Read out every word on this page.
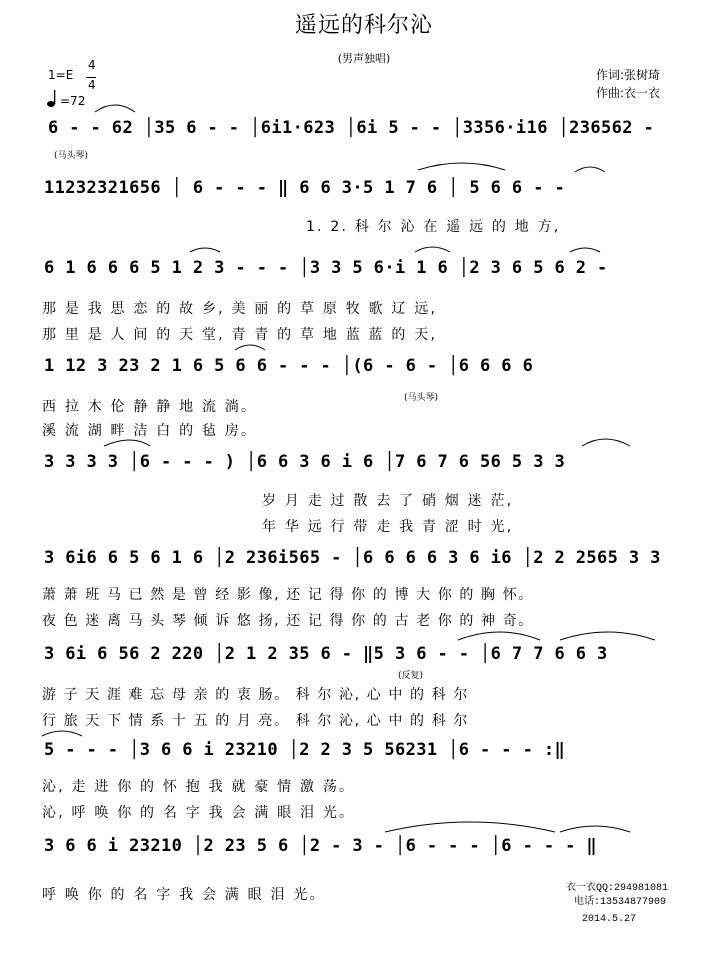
遥远的科尔沁
(男声独唱)
1=E
4
4
=72
作词:张树琦
作曲:衣一衣
6 - - 62 │35 6 - - │6i1·623 │6i 5 - - │3356·i16 │236562 -
(马头琴)
11232321656 │ 6 - - - ‖ 6 6 3·5 1 7 6 │ 5 6 6 - -
1. 2. 科 尔 沁 在 遥 远 的 地 方,
6 1 6 6 6 5 1 2 3 - - - │3 3 5 6·i 1 6 │2 3 6 5 6 2 -
那 是 我 思 恋 的 故 乡, 美 丽 的 草 原 牧 歌 辽 远,
那 里 是 人 间 的 天 堂, 青 青 的 草 地 蓝 蓝 的 天,
1 12 3 23 2 1 6 5 6 6 - - - │(6 - 6 - │6 6 6 6
西 拉 木 伦 静 静 地 流 淌。
溪 流 湖 畔 洁 白 的 毡 房。
(马头琴)
3 3 3 3 │6 - - - ) │6 6 3 6 i 6 │7 6 7 6 56 5 3 3
岁 月 走 过 散 去 了 硝 烟 迷 茫,
年 华 远 行 带 走 我 青 涩 时 光,
3 6i6 6 5 6 1 6 │2 236i565 - │6 6 6 6 3 6 i6 │2 2 2565 3 3
萧 萧 班 马 已 然 是 曾 经 影 像, 还 记 得 你 的 博 大 你 的 胸 怀。
夜 色 迷 离 马 头 琴 倾 诉 悠 扬, 还 记 得 你 的 古 老 你 的 神 奇。
3 6i 6 56 2 220 │2 1 2 35 6 - ‖5 3 6 - - │6 7 7 6 6 3
(反复)
游 子 天 涯 难 忘 母 亲 的 衷 肠。 科 尔 沁, 心 中 的 科 尔
行 旅 天 下 情 系 十 五 的 月 亮。 科 尔 沁, 心 中 的 科 尔
5 - - - │3 6 6 i 23210 │2 2 3 5 56231 │6 - - - :‖
沁, 走 进 你 的 怀 抱 我 就 豪 情 激 荡。
沁, 呼 唤 你 的 名 字 我 会 满 眼 泪 光。
3 6 6 i 23210 │2 23 5 6 │2 - 3 - │6 - - - │6 - - - ‖
呼 唤 你 的 名 字 我 会 满 眼 泪 光。	衣一衣QQ:294981081
电话:13534877909
2014.5.27
